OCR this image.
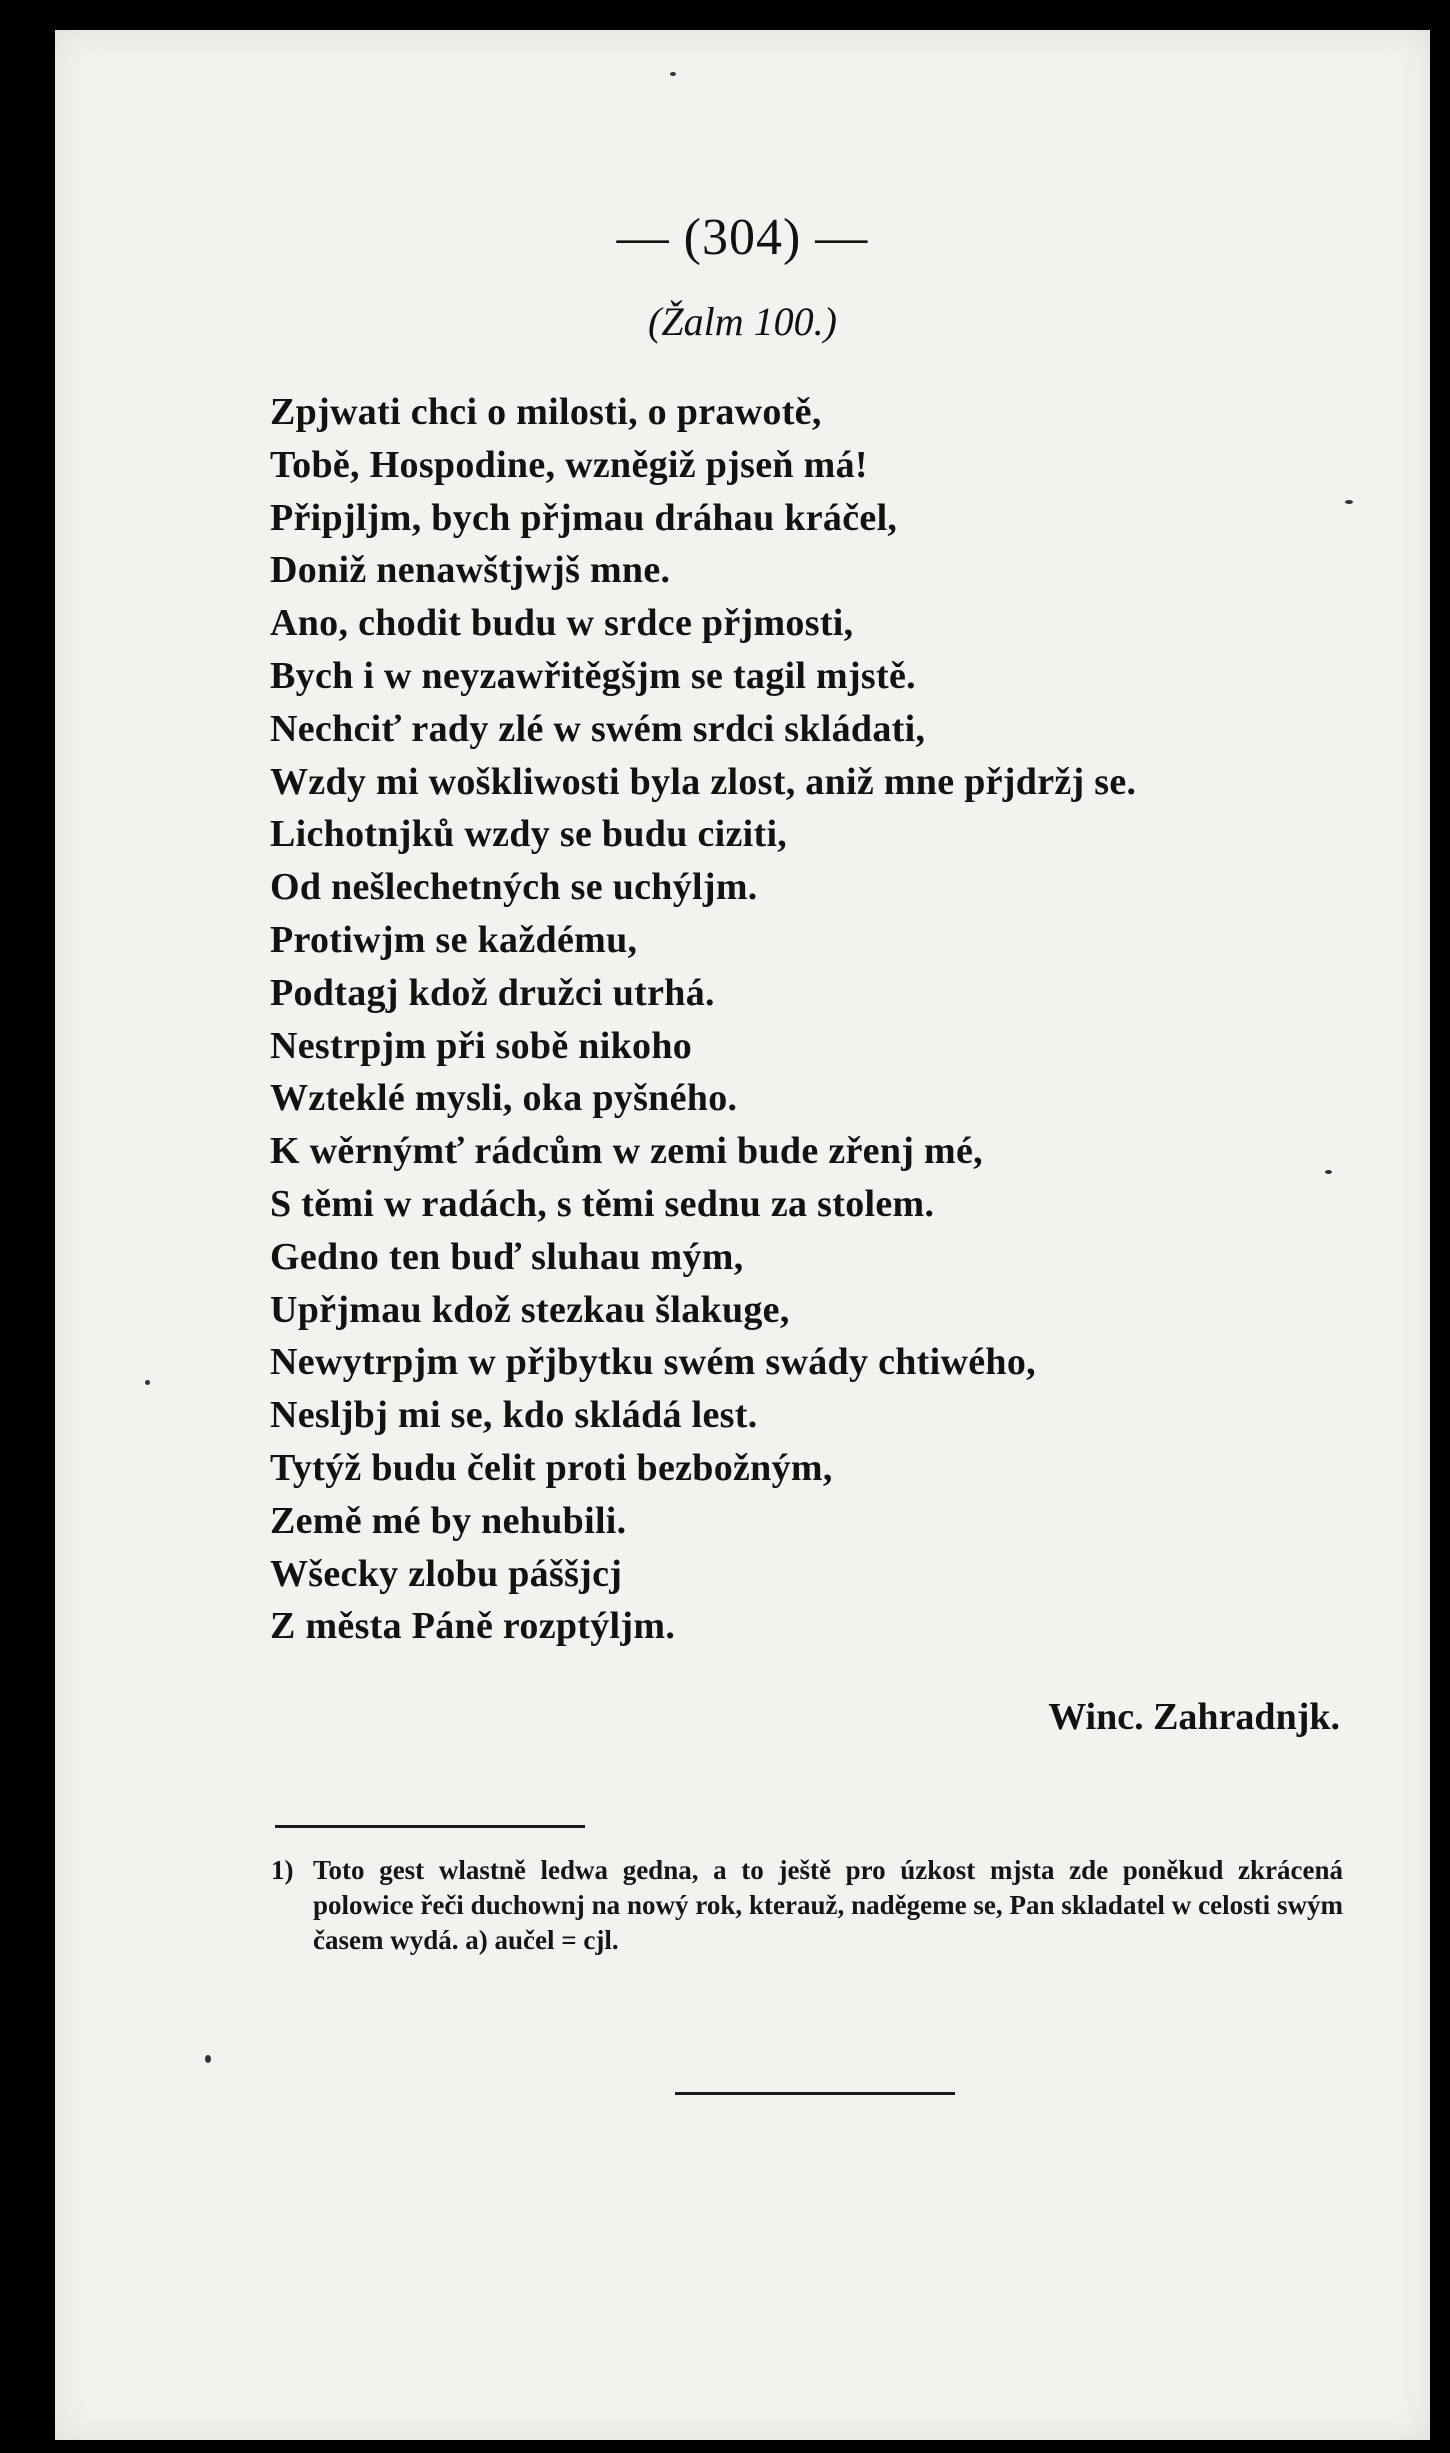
— (304) —
(Žalm 100.)
Zpjwati chci o milosti, o prawotě,
Tobě, Hospodine, wzněgiž pjseň má!
Připjljm, bych přjmau dráhau kráčel,
Doniž nenawštjwjš mne.
Ano, chodit budu w srdce přjmosti,
Bych i w neyzawřitěgšjm se tagil mjstě.
Nechciť rady zlé w swém srdci skládati,
Wzdy mi woškliwosti byla zlost, aniž mne přjdržj se.
Lichotnjků wzdy se budu ciziti,
Od nešlechetných se uchýljm.
Protiwjm se každému,
Podtagj kdož družci utrhá.
Nestrpjm při sobě nikoho
Wzteklé mysli, oka pyšného.
K wěrnýmť rádcům w zemi bude zřenj mé,
S těmi w radách, s těmi sednu za stolem.
Gedno ten buď sluhau mým,
Upřjmau kdož stezkau šlakuge,
Newytrpjm w přjbytku swém swády chtiwého,
Nesljbj mi se, kdo skládá lest.
Tytýž budu čelit proti bezbožným,
Země mé by nehubili.
Wšecky zlobu páššjcj
Z města Páně rozptýljm.
Winc. Zahradnjk.
1) Toto gest wlastně ledwa gedna, a to ještě pro úzkost mjsta zde poněkud zkrácená polowice řeči duchownj na nowý rok, kterauž, naděgeme se, Pan skladatel w celosti swým časem wydá. a) aučel = cjl.
